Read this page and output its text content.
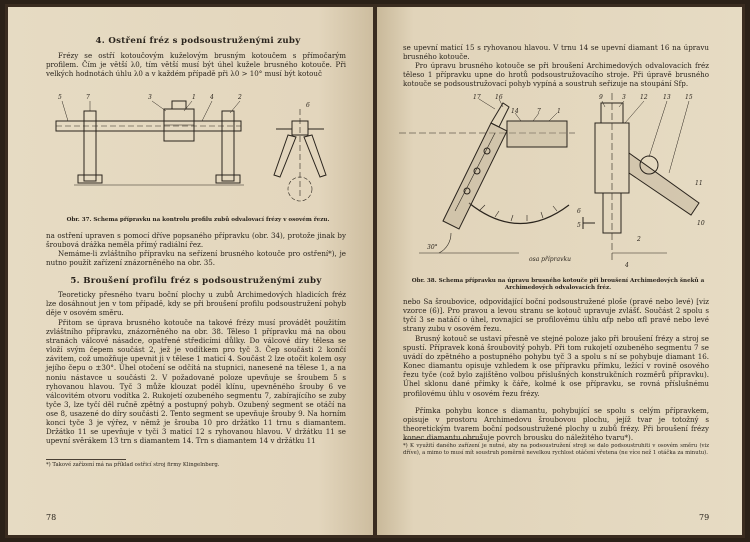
4. Ostření fréz s podsoustruženými zuby
Frézy se ostří kotoučovým kuželovým brusným kotoučem s přímočarým profilem. Čím je větší λ0, tím větší musí být úhel kužele brusného kotouče. Při velkých hodnotách úhlu λ0 a v každém případě při λ0 > 10° musí být kotouč
5	7	3	1 4	2
6
Obr. 37. Schema přípravku na kontrolu profilu zubů odvalovací frézy v osovém řezu.
na ostření upraven s pomocí dříve popsaného přípravku (obr. 34), protože jinak by šroubová drážka neměla přímý radiální řez.
Nemáme-li zvláštního přípravku na seřízení brusného kotouče pro ostření*), je nutno použít zařízení znázorněného na obr. 35.
5. Broušení profilu fréz s podsoustruženými zuby
Teoreticky přesného tvaru boční plochy u zubů Archimedových hladicích fréz lze dosáhnout jen v tom případě, kdy se při broušení profilu podsoustružení pohyb děje v osovém směru.
Přitom se úprava brusného kotouče na takové frézy musí provádět použitím zvláštního přípravku, znázorněného na obr. 38. Těleso 1 přípravku má na obou stranách válcové násadce, opatřené středicími důlky. Do válcové díry tělesa se vloží svým čepem součást 2, jež je vodítkem pro tyč 3. Čep součásti 2 končí závitem, což umožňuje upevnit ji v tělese 1 maticí 4. Součást 2 lze otočit kolem osy jejího čepu o ±30°. Úhel otočení se odčítá na stupnici, nanesené na tělese 1, a na noniu nástavce u součásti 2. V požadované poloze upevňuje se šroubem 5 s ryhovanou hlavou. Tyč 3 může klouzat podél klínu, upevněného šrouby 6 ve válcovitém otvoru vodítka 2. Rukojetí ozubeného segmentu 7, zabírajícího se zuby tyče 3, lze tyčí děl ručně zpětný a postupný pohyb. Ozubený segment se otáčí na ose 8, usazené do díry součásti 2. Tento segment se upevňuje šrouby 9. Na horním konci tyče 3 je výřez, v němž je šrouba 10 pro držátko 11 trnu s diamantem. Držátko 11 se upevňuje v tyči 3 maticí 12 s ryhovanou hlavou. V držátku 11 se upevní svěrákem 13 trn s diamantem 14. Trn s diamantem 14 v držátku 11
*) Takové zařízení má na příklad ostřicí stroj firmy Klingelnberg.
78
se upevní maticí 15 s ryhovanou hlavou. V trnu 14 se upevní diamant 16 na úpravu brusného kotouče.
Pro úpravu brusného kotouče se při broušení Archimedových odvalovacích fréz těleso 1 přípravku upne do hrotů podsoustružovacího stroje. Při úpravě brusného kotouče se podsoustružovací pohyb vypíná a soustruh seřizuje na stoupání Sfp.
17 16
14	7	1
9	3 12	13 15
11
10
2
6
5
4
30°
osa přípravku
Obr. 38. Schema přípravku na úpravu brusného kotouče při broušení Archimedových šneků a Archimedových odvalovacích fréz.
nebo Sa šroubovice, odpovídající boční podsoustružené ploše (pravé nebo levé) [viz vzorce (6)]. Pro pravou a levou stranu se kotouč upravuje zvlášť. Součást 2 spolu s tyčí 3 se natáčí o úhel, rovnající se profilovému úhlu αfp nebo αfl pravé nebo levé strany zubu v osovém řezu.
Brusný kotouč se ustaví přesně ve stejné poloze jako při broušení frézy a stroj se spustí. Přípravek koná šroubovitý pohyb. Při tom rukojetí ozubeného segmentu 7 se uvádí do zpětného a postupného pohybu tyč 3 a spolu s ní se pohybuje diamant 16. Konec diamantu opisuje vzhledem k ose přípravku přímku, ležící v rovině osového řezu tyče (což bylo zajištěno volbou příslušných konstrukčních rozměrů přípravku). Úhel sklonu dané přímky k čáře, kolmé k ose přípravku, se rovná příslušnému profilovému úhlu v osovém řezu frézy.
Přímka pohybu konce s diamantu, pohybující se spolu s celým přípravkem, opisuje v prostoru Archimedovu šroubovou plochu, jejíž tvar je totožný s theoretickým tvarem boční podsoustružené plochy u zubů frézy. Při broušení frézy konec diamantu obrušuje povrch brousku do náležitého tvaru*).
*) K využití daného zařízení je nutné, aby na podsoustružení stroji se dalo podsoustruhiti v osovém směru (viz dříve), a mimo to musí mít soustruh poměrně nevelkou rychlost otáčení vřetena (ne více než 1 otáčka za minutu).
79
